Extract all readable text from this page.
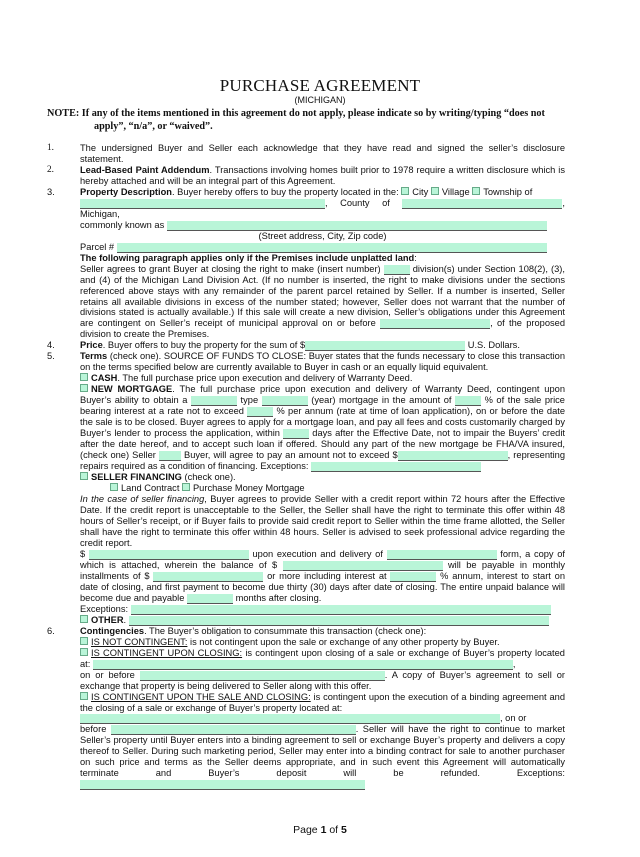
PURCHASE AGREEMENT
(MICHIGAN)
NOTE: If any of the items mentioned in this agreement do not apply, please indicate so by writing/typing “does not apply”, “n/a”, or “waived”.
1.	The undersigned Buyer and Seller each acknowledge that they have read and signed the seller’s disclosure statement.
2.	Lead-Based Paint Addendum. Transactions involving homes built prior to 1978 require a written disclosure which is hereby attached and will be an integral part of this Agreement.
3.	Property Description. Buyer hereby offers to buy the property located in the: City Village Township of
, County of	, Michigan,
commonly known as

(Street address, City, Zip code)
Parcel #
The following paragraph applies only if the Premises include unplatted land:
Seller agrees to grant Buyer at closing the right to make (insert number)	division(s) under Section 108(2), (3), and (4) of the Michigan Land Division Act. (If no number is inserted, the right to make divisions under the sections referenced above stays with any remainder of the parent parcel retained by Seller. If a number is inserted, Seller retains all available divisions in excess of the number stated; however, Seller does not warrant that the number of divisions stated is actually available.) If this sale will create a new division, Seller’s obligations under this Agreement are contingent on Seller’s receipt of municipal approval on or before	, of the proposed division to create the Premises.
4.	Price. Buyer offers to buy the property for the sum of $	U.S. Dollars.
5.	Terms (check one). SOURCE OF FUNDS TO CLOSE: Buyer states that the funds necessary to close this transaction on the terms specified below are currently available to Buyer in cash or an equally liquid equivalent.
CASH. The full purchase price upon execution and delivery of Warranty Deed.
NEW MORTGAGE. The full purchase price upon execution and delivery of Warranty Deed, contingent upon Buyer’s ability to obtain a	type	(year) mortgage in the amount of	% of the sale price bearing interest at a rate not to exceed	% per annum (rate at time of loan application), on or before the date the sale is to be closed. Buyer agrees to apply for a mortgage loan, and pay all fees and costs customarily charged by Buyer’s lender to process the application, within	days after the Effective Date, not to impair the Buyers’ credit after the date hereof, and to accept such loan if offered. Should any part of the new mortgage be FHA/VA insured, (check one) Seller  Buyer, will agree to pay an amount not to exceed $	, representing repairs required as a condition of financing. Exceptions:
SELLER FINANCING (check one).
Land Contract Purchase Money Mortgage
In the case of seller financing, Buyer agrees to provide Seller with a credit report within 72 hours after the Effective Date. If the credit report is unacceptable to the Seller, the Seller shall have the right to terminate this offer within 48 hours of Seller’s receipt, or if Buyer fails to provide said credit report to Seller within the time frame allotted, the Seller shall have the right to terminate this offer within 48 hours. Seller is advised to seek professional advice regarding the credit report.
$	upon execution and delivery of	form, a copy of which is attached, wherein the balance of $	will be payable in monthly installments of $	or more including interest at	% annum, interest to start on date of closing, and first payment to become due thirty (30) days after date of closing. The entire unpaid balance will become due and payable	months after closing.
Exceptions:
OTHER.
6.	Contingencies. The Buyer’s obligation to consummate this transaction (check one):
IS NOT CONTINGENT: is not contingent upon the sale or exchange of any other property by Buyer.
IS CONTINGENT UPON CLOSING: is contingent upon closing of a sale or exchange of Buyer’s property located at:	,
on or before	. A copy of Buyer’s agreement to sell or exchange that property is being delivered to Seller along with this offer.
IS CONTINGENT UPON THE SALE AND CLOSING: is contingent upon the execution of a binding agreement and the closing of a sale or exchange of Buyer’s property located at:
, on or
before	. Seller will have the right to continue to market Seller’s property until Buyer enters into a binding agreement to sell or exchange Buyer’s property and delivers a copy thereof to Seller. During such marketing period, Seller may enter into a binding contract for sale to another purchaser on such price and terms as the Seller deems appropriate, and in such event this Agreement will automatically terminate and Buyer’s deposit will be refunded. Exceptions:
Page 1 of 5
